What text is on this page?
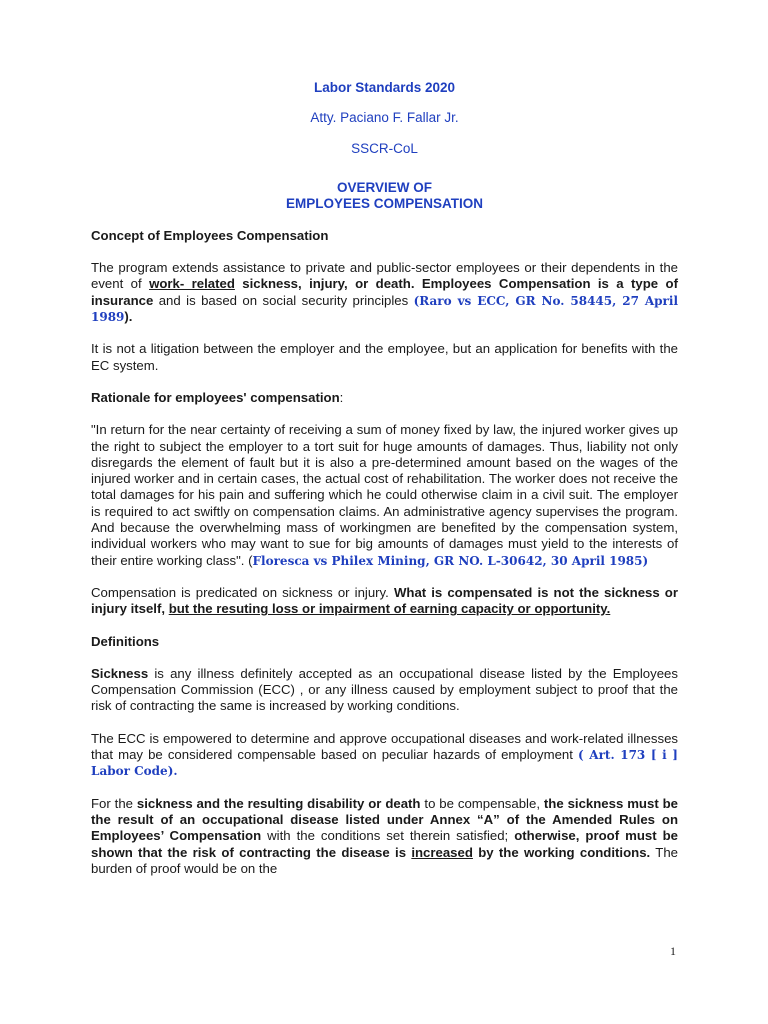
Labor Standards 2020
Atty. Paciano F. Fallar Jr.
SSCR-CoL
OVERVIEW OF
EMPLOYEES COMPENSATION

Concept of Employees Compensation

The program extends assistance to private and public-sector employees or their dependents in the event of work- related sickness, injury, or death. Employees Compensation is a type of insurance and is based on social security principles (Raro vs ECC, GR No. 58445, 27 April 1989).

It is not a litigation between the employer and the employee, but an application for benefits with the EC system.

Rationale for employees' compensation:

"In return for the near certainty of receiving a sum of money fixed by law, the injured worker gives up the right to subject the employer to a tort suit for huge amounts of damages. Thus, liability not only disregards the element of fault but it is also a pre-determined amount based on the wages of the injured worker and in certain cases, the actual cost of rehabilitation. The worker does not receive the total damages for his pain and suffering which he could otherwise claim in a civil suit. The employer is required to act swiftly on compensation claims. An administrative agency supervises the program. And because the overwhelming mass of workingmen are benefited by the compensation system, individual workers who may want to sue for big amounts of damages must yield to the interests of their entire working class". (Floresca vs Philex Mining, GR NO. L-30642, 30 April 1985)

Compensation is predicated on sickness or injury. What is compensated is not the sickness or injury itself, but the resuting loss or impairment of earning capacity or opportunity.

Definitions

Sickness is any illness definitely accepted as an occupational disease listed by the Employees Compensation Commission (ECC) , or any illness caused by employment subject to proof that the risk of contracting the same is increased by working conditions.

The ECC is empowered to determine and approve occupational diseases and work-related illnesses that may be considered compensable based on peculiar hazards of employment ( Art. 173 [ i ] Labor Code).

For the sickness and the resulting disability or death to be compensable, the sickness must be the result of an occupational disease listed under Annex “A” of the Amended Rules on Employees’ Compensation with the conditions set therein satisfied; otherwise, proof must be shown that the risk of contracting the disease is increased by the working conditions. The burden of proof would be on the

1
